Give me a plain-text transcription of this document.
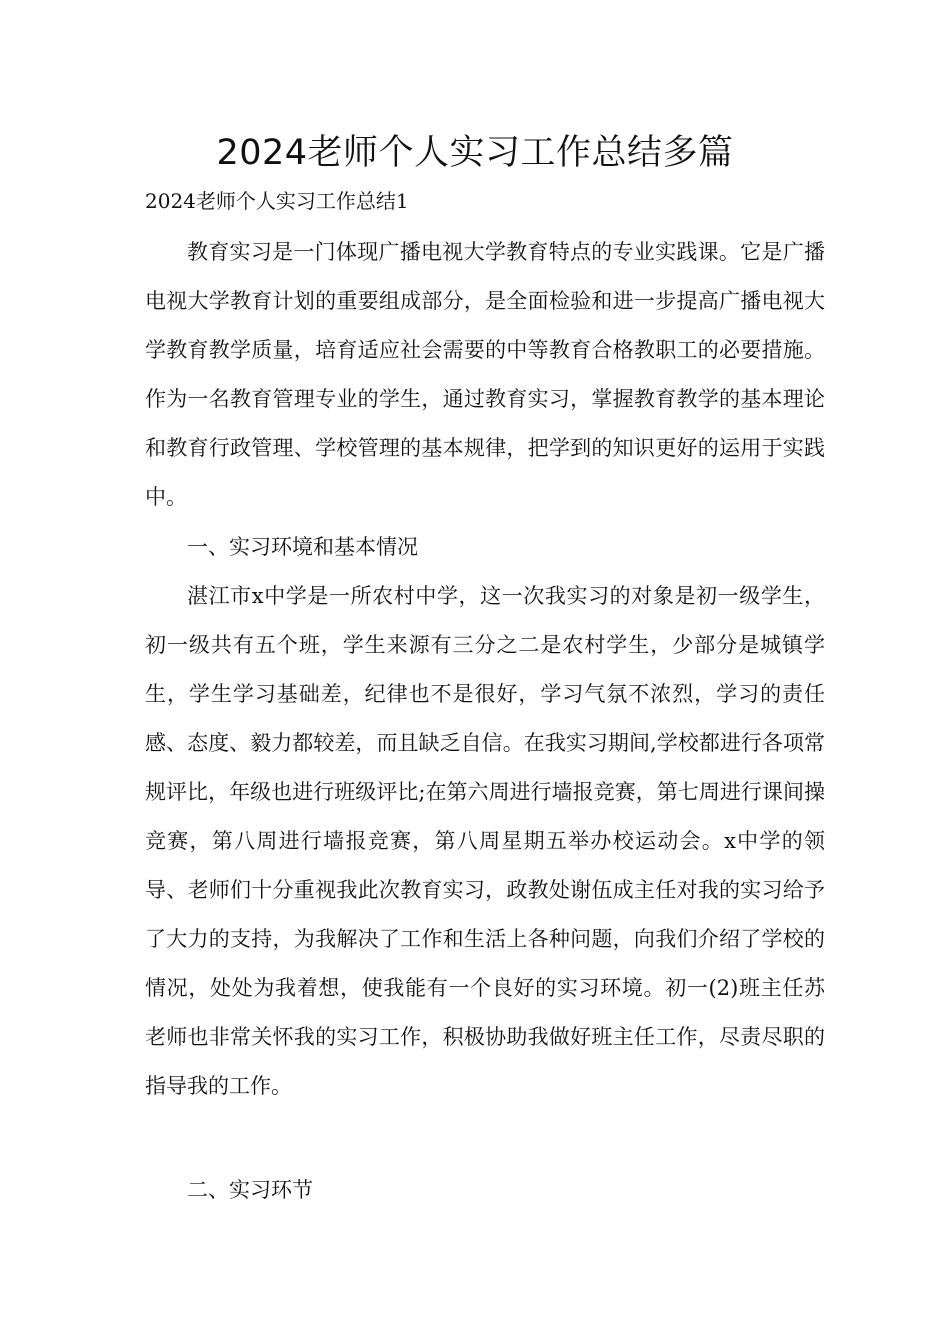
2024老师个人实习工作总结多篇

2024老师个人实习工作总结1

教育实习是一门体现广播电视大学教育特点的专业实践课。它是广播电视大学教育计划的重要组成部分，是全面检验和进一步提高广播电视大学教育教学质量，培育适应社会需要的中等教育合格教职工的必要措施。作为一名教育管理专业的学生，通过教育实习，掌握教育教学的基本理论和教育行政管理、学校管理的基本规律，把学到的知识更好的运用于实践中。

一、实习环境和基本情况

湛江市x中学是一所农村中学，这一次我实习的对象是初一级学生，初一级共有五个班，学生来源有三分之二是农村学生，少部分是城镇学生，学生学习基础差，纪律也不是很好，学习气氛不浓烈，学习的责任感、态度、毅力都较差，而且缺乏自信。在我实习期间,学校都进行各项常规评比，年级也进行班级评比;在第六周进行墙报竞赛，第七周进行课间操竞赛，第八周进行墙报竞赛，第八周星期五举办校运动会。x中学的领导、老师们十分重视我此次教育实习，政教处谢伍成主任对我的实习给予了大力的支持，为我解决了工作和生活上各种问题，向我们介绍了学校的情况，处处为我着想，使我能有一个良好的实习环境。初一(2)班主任苏老师也非常关怀我的实习工作，积极协助我做好班主任工作，尽责尽职的指导我的工作。

二、实习环节
